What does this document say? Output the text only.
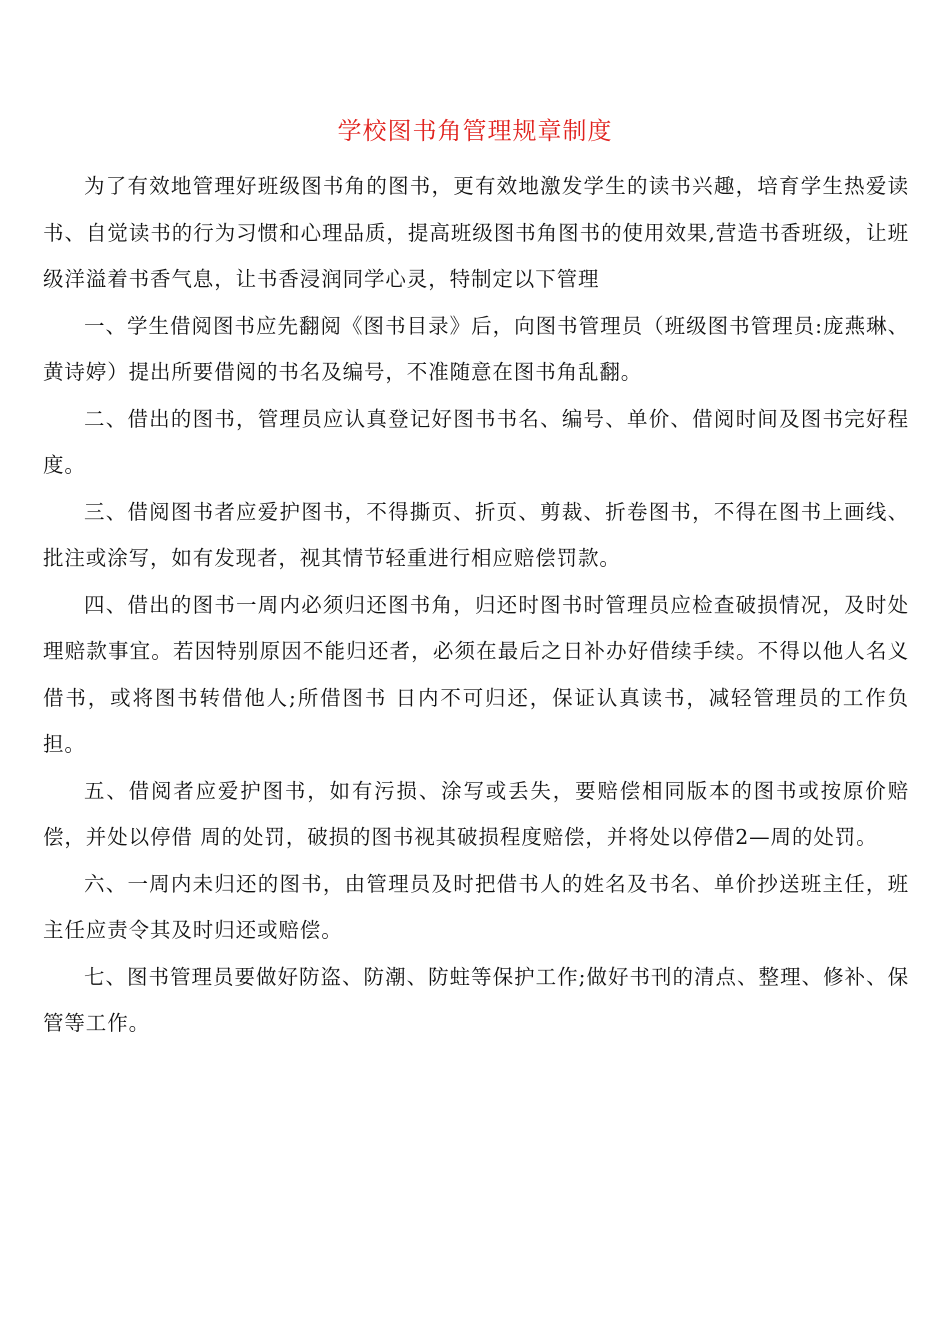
学校图书角管理规章制度

为了有效地管理好班级图书角的图书，更有效地激发学生的读书兴趣，培育学生热爱读书、自觉读书的行为习惯和心理品质，提高班级图书角图书的使用效果,营造书香班级，让班级洋溢着书香气息，让书香浸润同学心灵，特制定以下管理

一、学生借阅图书应先翻阅《图书目录》后，向图书管理员（班级图书管理员:庞燕琳、黄诗婷）提出所要借阅的书名及编号，不准随意在图书角乱翻。

二、借出的图书，管理员应认真登记好图书书名、编号、单价、借阅时间及图书完好程度。

三、借阅图书者应爱护图书，不得撕页、折页、剪裁、折卷图书，不得在图书上画线、批注或涂写，如有发现者，视其情节轻重进行相应赔偿罚款。

四、借出的图书一周内必须归还图书角，归还时图书时管理员应检查破损情况，及时处理赔款事宜。若因特别原因不能归还者，必须在最后之日补办好借续手续。不得以他人名义借书，或将图书转借他人;所借图书 日内不可归还，保证认真读书，减轻管理员的工作负担。

五、借阅者应爱护图书，如有污损、涂写或丢失，要赔偿相同版本的图书或按原价赔偿，并处以停借 周的处罚，破损的图书视其破损程度赔偿，并将处以停借2—周的处罚。

六、一周内未归还的图书，由管理员及时把借书人的姓名及书名、单价抄送班主任，班主任应责令其及时归还或赔偿。

七、图书管理员要做好防盗、防潮、防蛀等保护工作;做好书刊的清点、整理、修补、保管等工作。
